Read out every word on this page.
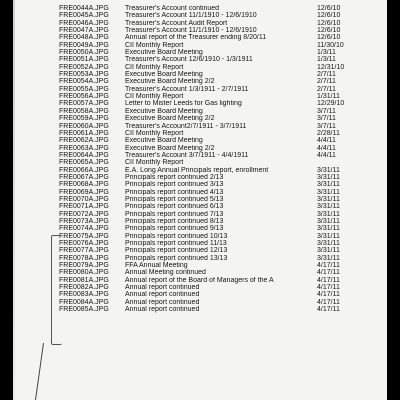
FRE0044A.JPG	Treasurer's Account continued	12/6/10
FRE0045A.JPG	Treasurer's Account 11/1/1910 - 12/6/1910	12/6/10
FRE0046A.JPG	Treasurer's Account Audit Report	12/6/10
FRE0047A.JPG	Treasurer's Account 11/1/1910 - 12/6/1910	12/6/10
FRE0048A.JPG	Annual report of the Treasurer ending 8/20/11	12/6/10
FRE0049A.JPG	CII Monthly Report	11/30/10
FRE0050A.JPG	Executive Board Meeting	1/3/11
FRE0051A.JPG	Treasurer's Account 12/6/1910 - 1/3/1911	1/3/11
FRE0052A.JPG	CII Monthly Report	12/31/10
FRE0053A.JPG	Executive Board Meeting	2/7/11
FRE0054A.JPG	Executive Board Meeting 2/2	2/7/11
FRE0055A.JPG	Treasurer's Account 1/3/1911 - 2/7/1911	2/7/11
FRE0056A.JPG	CII Monthly Report	1/31/11
FRE0057A.JPG	Letter to Mister Leeds for Gas lighting	12/29/10
FRE0058A.JPG	Executive Board Meeting	3/7/11
FRE0059A.JPG	Executive Board Meeting 2/2	3/7/11
FRE0060A.JPG	Treasurer's Account2/7/1911 - 3/7/1911	3/7/11
FRE0061A.JPG	CII Monthly Report	2/28/11
FRE0062A.JPG	Executive Board Meeting	4/4/11
FRE0063A.JPG	Executive Board Meeting 2/2	4/4/11
FRE0064A.JPG	Treasurer's Account 3/7/1911 - 4/4/1911	4/4/11
FRE0065A.JPG	CII Monthly Report
FRE0066A.JPG	E.A. Long Annual Principals report, enrollment	3/31/11
FRE0067A.JPG	Principals report continued 2/13	3/31/11
FRE0068A.JPG	Principals report continued 3/13	3/31/11
FRE0069A.JPG	Principals report continued 4/13	3/31/11
FRE0070A.JPG	Principals report continued 5/13	3/31/11
FRE0071A.JPG	Principals report continued 6/13	3/31/11
FRE0072A.JPG	Principals report continued 7/13	3/31/11
FRE0073A.JPG	Principals report continued 8/13	3/31/11
FRE0074A.JPG	Principals report continued 9/13	3/31/11
FRE0075A.JPG	Principals report continued 10/13	3/31/11
FRE0076A.JPG	Principals report continued 11/13	3/31/11
FRE0077A.JPG	Principals report continued 12/13	3/31/11
FRE0078A.JPG	Principals report continued 13/13	3/31/11
FRE0079A.JPG	FFA Annual Meeting	4/17/11
FRE0080A.JPG	Annual Meeting continued	4/17/11
FRE0081A.JPG	Annual report of the Board of Managers of the A	4/17/11
FRE0082A.JPG	Annual report continued	4/17/11
FRE0083A.JPG	Annual report continued	4/17/11
FRE0084A.JPG	Annual report continued	4/17/11
FRE0085A.JPG	Annual report continued	4/17/11
